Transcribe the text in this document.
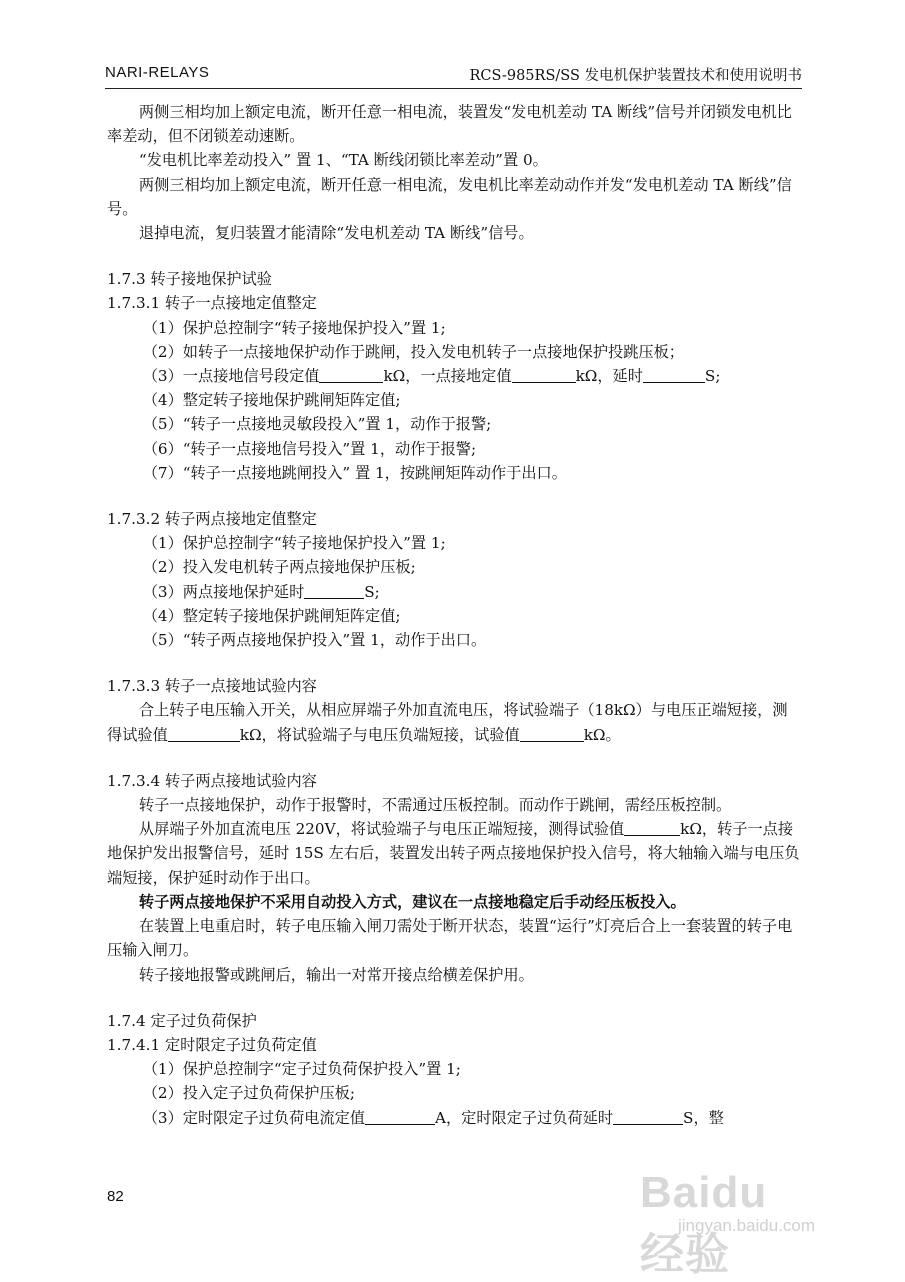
NARI-RELAYS	RCS-985RS/SS 发电机保护装置技术和使用说明书

两侧三相均加上额定电流，断开任意一相电流，装置发“发电机差动 TA 断线”信号并闭锁发电机比率差动，但不闭锁差动速断。

“发电机比率差动投入” 置 1、“TA 断线闭锁比率差动”置 0。

两侧三相均加上额定电流，断开任意一相电流，发电机比率差动动作并发“发电机差动 TA 断线”信号。

退掉电流，复归装置才能清除“发电机差动 TA 断线”信号。

1.7.3 转子接地保护试验

1.7.3.1 转子一点接地定值整定

（1）保护总控制字“转子接地保护投入”置 1;
（2）如转子一点接地保护动作于跳闸，投入发电机转子一点接地保护投跳压板；
（3）一点接地信号段定值	kΩ，一点接地定值	kΩ，延时	S;
（4）整定转子接地保护跳闸矩阵定值;
（5）“转子一点接地灵敏段投入”置 1，动作于报警;
（6）“转子一点接地信号投入”置 1，动作于报警;
（7）“转子一点接地跳闸投入” 置 1，按跳闸矩阵动作于出口。

1.7.3.2 转子两点接地定值整定

（1）保护总控制字“转子接地保护投入”置 1;
（2）投入发电机转子两点接地保护压板;
（3）两点接地保护延时	S;
（4）整定转子接地保护跳闸矩阵定值;
（5）“转子两点接地保护投入”置 1，动作于出口。

1.7.3.3 转子一点接地试验内容

合上转子电压输入开关，从相应屏端子外加直流电压，将试验端子（18kΩ）与电压正端短接，测得试验值	kΩ，将试验端子与电压负端短接，试验值	kΩ。

1.7.3.4 转子两点接地试验内容

转子一点接地保护，动作于报警时，不需通过压板控制。而动作于跳闸，需经压板控制。

从屏端子外加直流电压 220V，将试验端子与电压正端短接，测得试验值	kΩ，转子一点接地保护发出报警信号，延时 15S 左右后，装置发出转子两点接地保护投入信号，将大轴输入端与电压负端短接，保护延时动作于出口。

转子两点接地保护不采用自动投入方式，建议在一点接地稳定后手动经压板投入。

在装置上电重启时，转子电压输入闸刀需处于断开状态，装置“运行”灯亮后合上一套装置的转子电压输入闸刀。

转子接地报警或跳闸后，输出一对常开接点给横差保护用。

1.7.4 定子过负荷保护

1.7.4.1 定时限定子过负荷定值

（1）保护总控制字“定子过负荷保护投入”置 1;
（2）投入定子过负荷保护压板;
（3）定时限定子过负荷电流定值	A，定时限定子过负荷延时	S，整
82	Baidu 经验
jingyan.baidu.com
